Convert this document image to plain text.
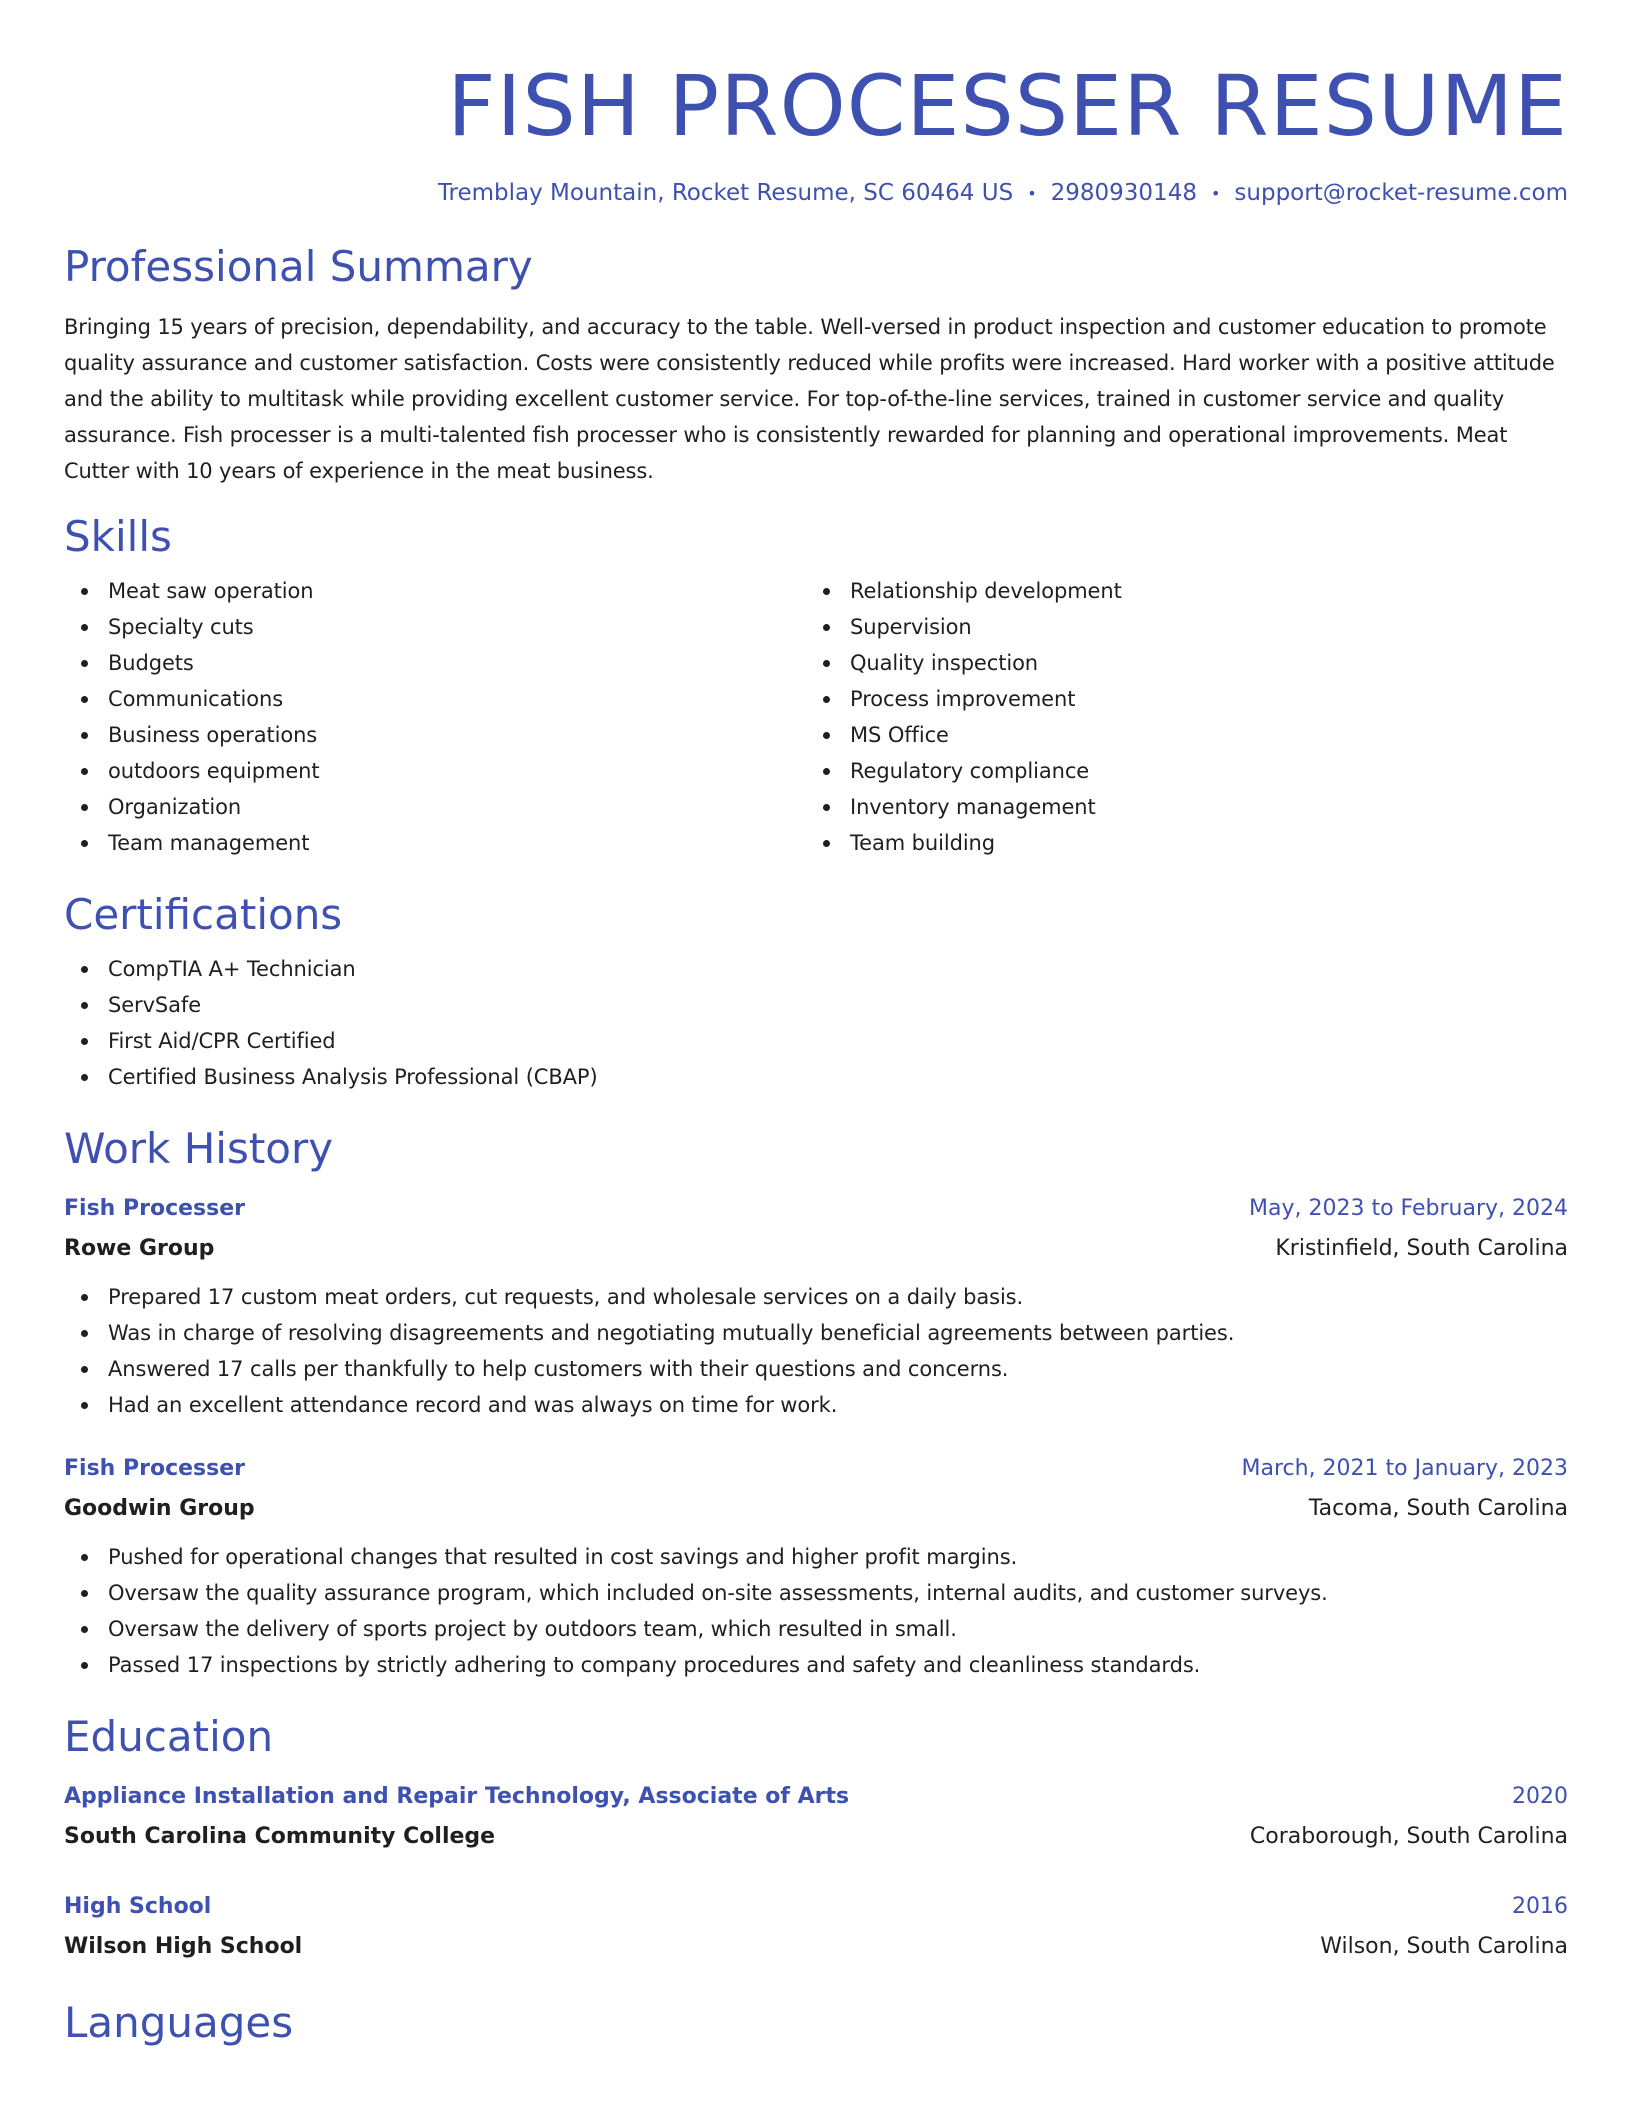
FISH PROCESSER RESUME
Tremblay Mountain, Rocket Resume, SC 60464 US • 2980930148 • support@rocket-resume.com
Professional Summary
Bringing 15 years of precision, dependability, and accuracy to the table. Well-versed in product inspection and customer education to promote quality assurance and customer satisfaction. Costs were consistently reduced while profits were increased. Hard worker with a positive attitude and the ability to multitask while providing excellent customer service. For top-of-the-line services, trained in customer service and quality assurance. Fish processer is a multi-talented fish processer who is consistently rewarded for planning and operational improvements. Meat Cutter with 10 years of experience in the meat business.
Skills
Meat saw operation
Specialty cuts
Budgets
Communications
Business operations
outdoors equipment
Organization
Team management
Relationship development
Supervision
Quality inspection
Process improvement
MS Office
Regulatory compliance
Inventory management
Team building
Certifications
CompTIA A+ Technician
ServSafe
First Aid/CPR Certified
Certified Business Analysis Professional (CBAP)
Work History
Fish Processer	May, 2023 to February, 2024
Rowe Group	Kristinfield, South Carolina
Prepared 17 custom meat orders, cut requests, and wholesale services on a daily basis.
Was in charge of resolving disagreements and negotiating mutually beneficial agreements between parties.
Answered 17 calls per thankfully to help customers with their questions and concerns.
Had an excellent attendance record and was always on time for work.
Fish Processer	March, 2021 to January, 2023
Goodwin Group	Tacoma, South Carolina
Pushed for operational changes that resulted in cost savings and higher profit margins.
Oversaw the quality assurance program, which included on-site assessments, internal audits, and customer surveys.
Oversaw the delivery of sports project by outdoors team, which resulted in small.
Passed 17 inspections by strictly adhering to company procedures and safety and cleanliness standards.
Education
Appliance Installation and Repair Technology, Associate of Arts	2020
South Carolina Community College	Coraborough, South Carolina
High School	2016
Wilson High School	Wilson, South Carolina
Languages
